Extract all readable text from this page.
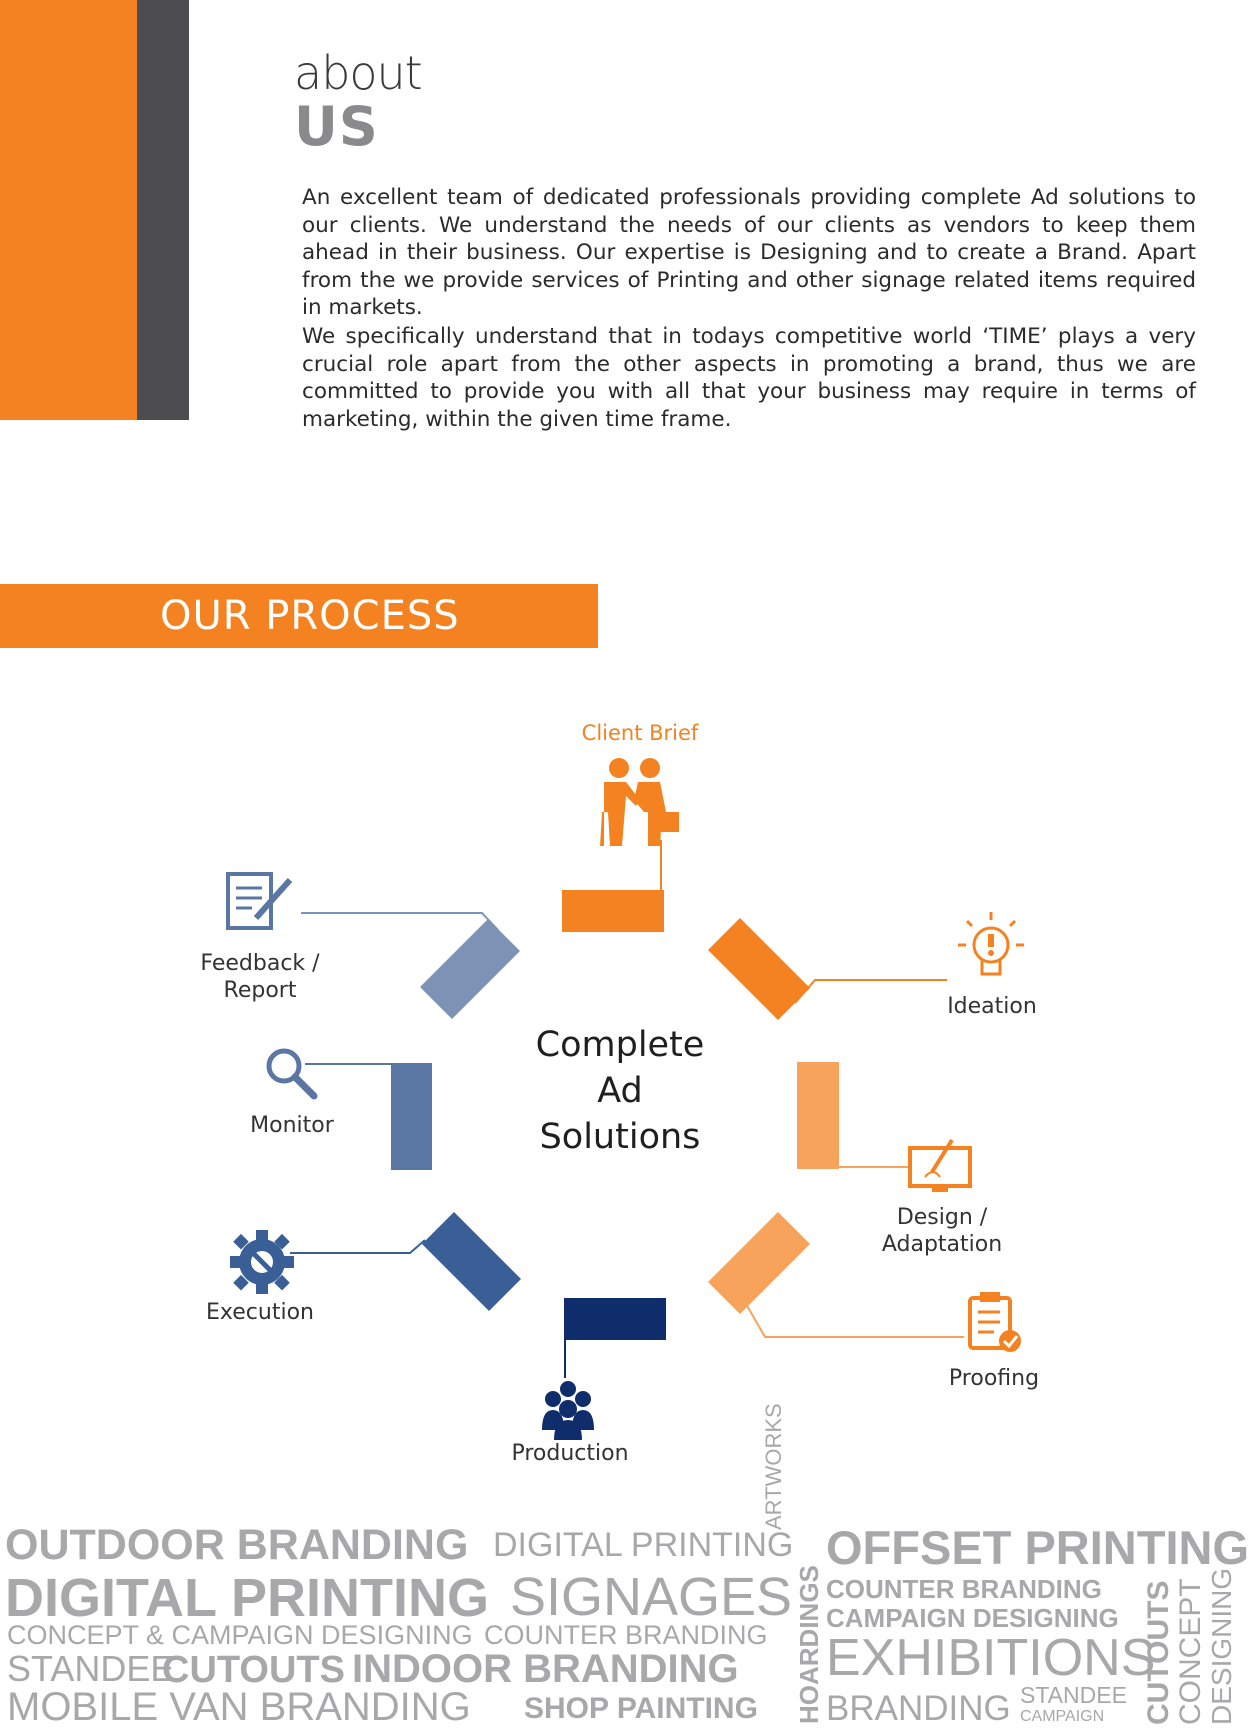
about
US

An excellent team of dedicated professionals providing complete Ad solutions to our clients. We understand the needs of our clients as vendors to keep them ahead in their business. Our expertise is Designing and to create a Brand. Apart from the we provide services of Printing and other signage related items required in markets.

We specifically understand that in todays competitive world ‘TIME’ plays a very crucial role apart from the other aspects in promoting a brand, thus we are committed to provide you with all that your business may require in terms of marketing, within the given time frame.

OUR PROCESS
Client Brief
Ideation
Design /
Adaptation
Proofing
Production
Execution
Monitor
Feedback /
Report
Complete
Ad
Solutions
OUTDOOR BRANDING DIGITAL PRINTING
ARTWORKS
HOARDINGS
OFFSET PRINTING
DIGITAL PRINTING SIGNAGES COUNTER BRANDING
CONCEPT & CAMPAIGN DESIGNING COUNTER BRANDING
CAMPAIGN DESIGNING
STANDEE
CUTOUTS INDOOR BRANDING EXHIBITIONS
MOBILE VAN BRANDING SHOP PAINTING BRANDING STANDEE
CAMPAIGN CUTOUTS CONCEPT DESIGNING
